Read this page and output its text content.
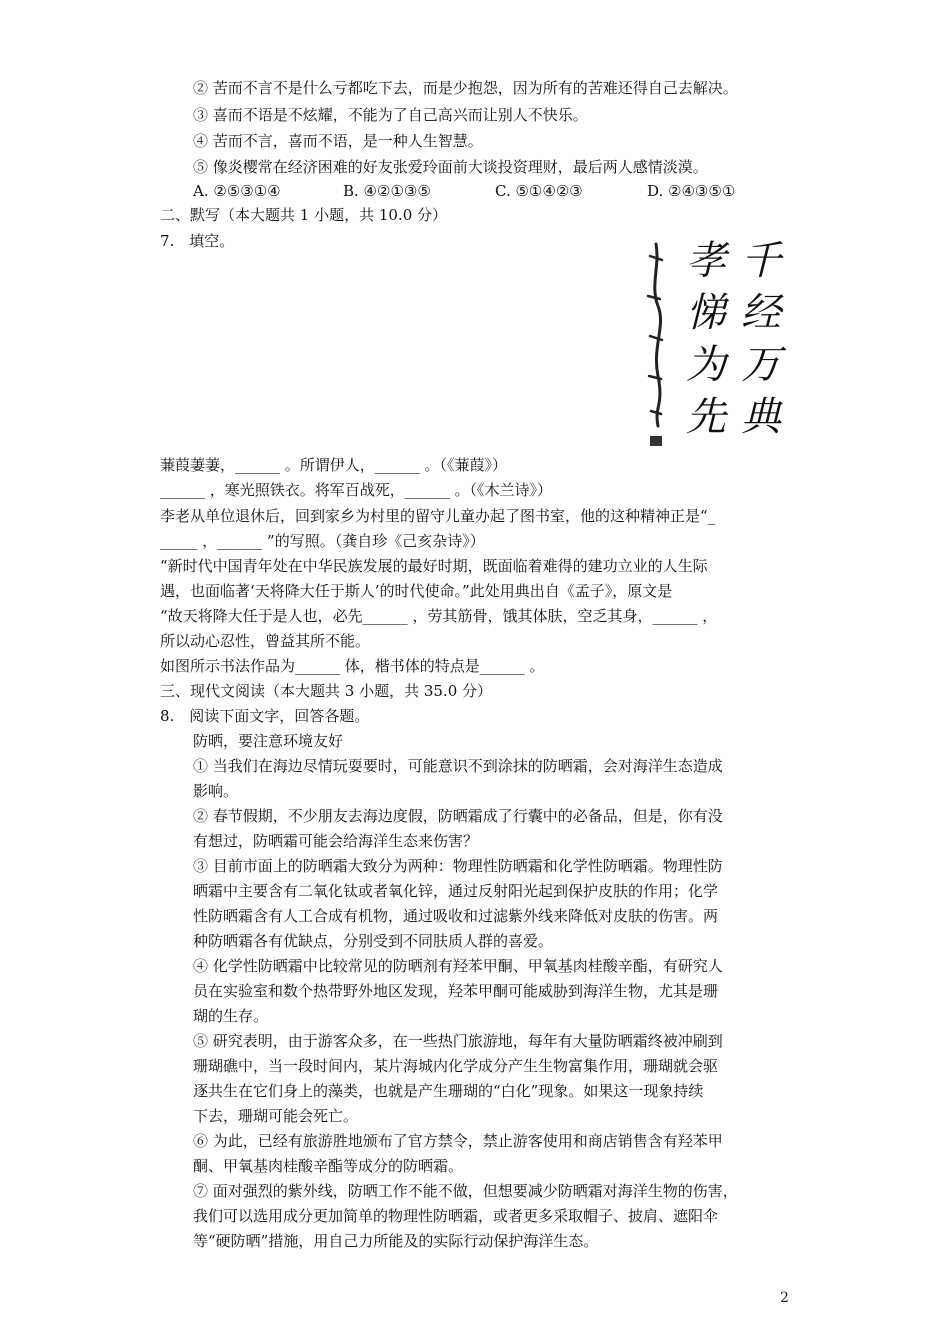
② 苦而不言不是什么亏都吃下去，而是少抱怨，因为所有的苦难还得自己去解决。
③ 喜而不语是不炫耀，不能为了自己高兴而让别人不快乐。
④ 苦而不言，喜而不语，是一种人生智慧。
⑤ 像炎樱常在经济困难的好友张爱玲面前大谈投资理财，最后两人感情淡漠。
A. ②⑤③①④	B. ④②①③⑤	C. ⑤①④②③	D. ②④③⑤①
二、默写（本大题共 1 小题，共 10.0 分）
7.　填空。	千
经
万
典
孝
悌
为
先
蒹葭萋萋，______ 。所谓伊人，______ 。（《蒹葭》）
______ ，寒光照铁衣。将军百战死，______ 。（《木兰诗》）
李老从单位退休后，回到家乡为村里的留守儿童办起了图书室，他的这种精神正是“_
_____ ，______ ”的写照。（龚自珍《己亥杂诗》）
“新时代中国青年处在中华民族发展的最好时期，既面临着难得的建功立业的人生际
遇，也面临著‘天将降大任于斯人’的时代使命。”此处用典出自《孟子》，原文是
“故天将降大任于是人也，必先______ ，劳其筋骨，饿其体肤，空乏其身，______ ，
所以动心忍性，曾益其所不能。
如图所示书法作品为______ 体，楷书体的特点是______ 。
三、现代文阅读（本大题共 3 小题，共 35.0 分）
8.　阅读下面文字，回答各题。
防晒，要注意环境友好
① 当我们在海边尽情玩耍要时，可能意识不到涂抹的防晒霜，会对海洋生态造成
影响。
② 春节假期，不少朋友去海边度假，防晒霜成了行囊中的必备品，但是，你有没
有想过，防晒霜可能会给海洋生态来伤害？
③ 目前市面上的防晒霜大致分为两种：物理性防晒霜和化学性防晒霜。物理性防
晒霜中主要含有二氧化钛或者氧化锌，通过反射阳光起到保护皮肤的作用；化学
性防晒霜含有人工合成有机物，通过吸收和过滤紫外线来降低对皮肤的伤害。两
种防晒霜各有优缺点，分别受到不同肤质人群的喜爱。
④ 化学性防晒霜中比较常见的防晒剂有羟苯甲酮、甲氧基肉桂酸辛酯，有研究人
员在实验室和数个热带野外地区发现，羟苯甲酮可能威胁到海洋生物，尤其是珊
瑚的生存。
⑤ 研究表明，由于游客众多，在一些热门旅游地，每年有大量防晒霜终被冲刷到
珊瑚礁中，当一段时间内，某片海城内化学成分产生生物富集作用，珊瑚就会驱
逐共生在它们身上的藻类，也就是产生珊瑚的“白化”现象。如果这一现象持续
下去，珊瑚可能会死亡。
⑥ 为此，已经有旅游胜地颁布了官方禁令，禁止游客使用和商店销售含有羟苯甲
酮、甲氧基肉桂酸辛酯等成分的防晒霜。
⑦ 面对强烈的紫外线，防晒工作不能不做，但想要减少防晒霜对海洋生物的伤害，
我们可以选用成分更加简单的物理性防晒霜，或者更多采取帽子、披肩、遮阳伞
等“硬防晒”措施，用自己力所能及的实际行动保护海洋生态。
2
